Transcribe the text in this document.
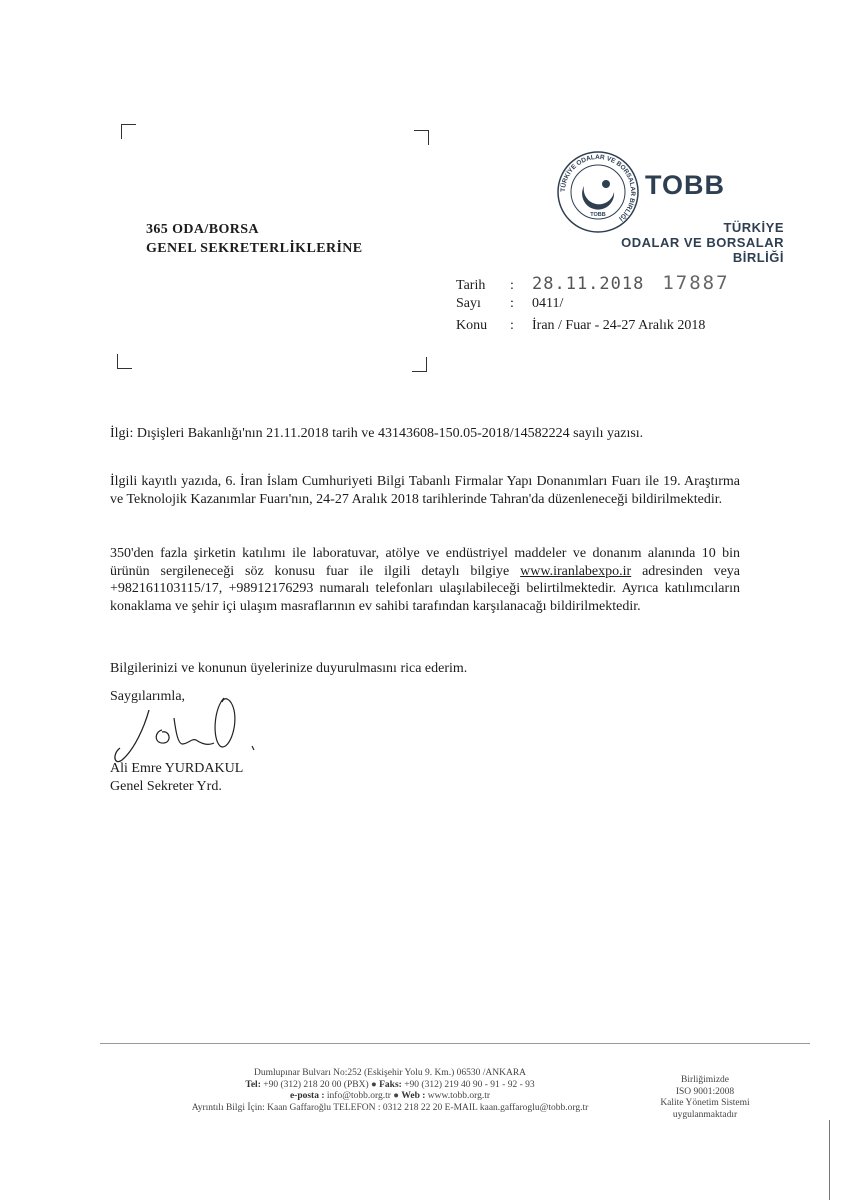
365 ODA/BORSA
GENEL SEKRETERLİKLERİNE
TÜRKİYE ODALAR VE BORSALAR BİRLİĞİ
TOBB
TOBB
TÜRKİYE
ODALAR VE BORSALAR
BİRLİĞİ
Tarih : 28.11.2018 17887
Sayı : 0411/
Konu : İran / Fuar - 24-27 Aralık 2018

İlgi: Dışişleri Bakanlığı'nın 21.11.2018 tarih ve 43143608-150.05-2018/14582224 sayılı yazısı.

İlgili kayıtlı yazıda, 6. İran İslam Cumhuriyeti Bilgi Tabanlı Firmalar Yapı Donanımları Fuarı ile 19. Araştırma ve Teknolojik Kazanımlar Fuarı'nın, 24-27 Aralık 2018 tarihlerinde Tahran'da düzenleneceği bildirilmektedir.

350'den fazla şirketin katılımı ile laboratuvar, atölye ve endüstriyel maddeler ve donanım alanında 10 bin ürünün sergileneceği söz konusu fuar ile ilgili detaylı bilgiye www.iranlabexpo.ir adresinden veya +982161103115/17, +98912176293 numaralı telefonları ulaşılabileceği belirtilmektedir. Ayrıca katılımcıların konaklama ve şehir içi ulaşım masraflarının ev sahibi tarafından karşılanacağı bildirilmektedir.

Bilgilerinizi ve konunun üyelerinize duyurulmasını rica ederim.

Saygılarımla,

Ali Emre YURDAKUL

Genel Sekreter Yrd.

Dumlupınar Bulvarı No:252 (Eskişehir Yolu 9. Km.) 06530 /ANKARA
Tel: +90 (312) 218 20 00 (PBX) ● Faks: +90 (312) 219 40 90 - 91 - 92 - 93
e-posta : info@tobb.org.tr ● Web : www.tobb.org.tr
Ayrıntılı Bilgi İçin: Kaan Gaffaroğlu TELEFON : 0312 218 22 20 E-MAIL kaan.gaffaroglu@tobb.org.tr
Birliğimizde
ISO 9001:2008
Kalite Yönetim Sistemi
uygulanmaktadır
